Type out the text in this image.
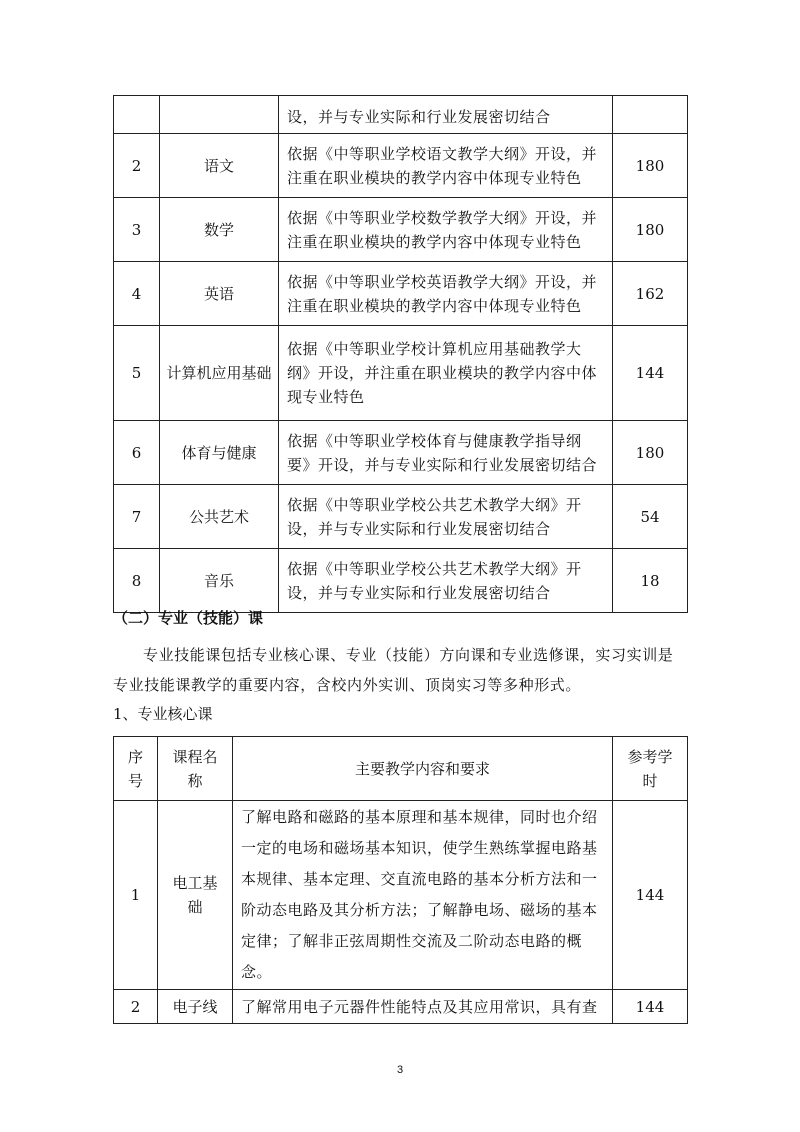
		设，并与专业实际和行业发展密切结合	
2	语文	依据《中等职业学校语文教学大纲》开设，并注重在职业模块的教学内容中体现专业特色	180
3	数学	依据《中等职业学校数学教学大纲》开设，并注重在职业模块的教学内容中体现专业特色	180
4	英语	依据《中等职业学校英语教学大纲》开设，并注重在职业模块的教学内容中体现专业特色	162
5	计算机应用基础	依据《中等职业学校计算机应用基础教学大纲》开设，并注重在职业模块的教学内容中体现专业特色	144
6	体育与健康	依据《中等职业学校体育与健康教学指导纲要》开设，并与专业实际和行业发展密切结合	180
7	公共艺术	依据《中等职业学校公共艺术教学大纲》开设，并与专业实际和行业发展密切结合	54
8	音乐	依据《中等职业学校公共艺术教学大纲》开设，并与专业实际和行业发展密切结合	18
（二）专业（技能）课
专业技能课包括专业核心课、专业（技能）方向课和专业选修课，实习实训是专业技能课教学的重要内容，含校内外实训、顶岗实习等多种形式。
1、专业核心课
序号	课程名称	主要教学内容和要求	参考学时
1	电工基础	了解电路和磁路的基本原理和基本规律，同时也介绍一定的电场和磁场基本知识，使学生熟练掌握电路基本规律、基本定理、交直流电路的基本分析方法和一阶动态电路及其分析方法；了解静电场、磁场的基本定律；了解非正弦周期性交流及二阶动态电路的概念。	144
2	电子线	了解常用电子元器件性能特点及其应用常识，具有查	144
3
